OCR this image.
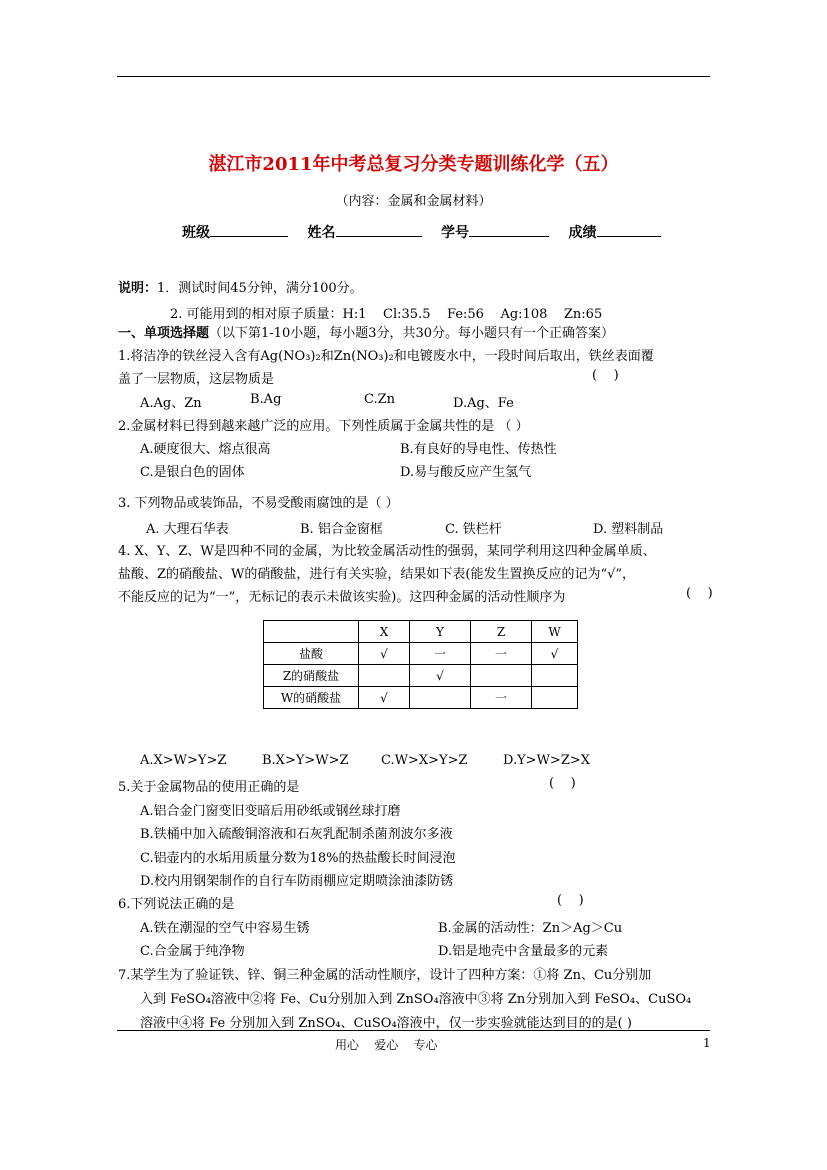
湛江市2011年中考总复习分类专题训练化学（五）
（内容：金属和金属材料）
班级	姓名	学号	成绩
说明：1．测试时间45分钟，满分100分。
2. 可能用到的相对原子质量：H:1    Cl:35.5    Fe:56    Ag:108    Zn:65
一、单项选择题（以下第1-10小题，每小题3分，共30分。每小题只有一个正确答案）
1.将洁净的铁丝浸入含有Ag(NO₃)₂和Zn(NO₃)₂和电镀废水中，一段时间后取出，铁丝表面覆
盖了一层物质，这层物质是	(    )
A.Ag、Zn	B.Ag	C.Zn	D.Ag、Fe
2.金属材料已得到越来越广泛的应用。下列性质属于金属共性的是 （ ）
A.硬度很大、熔点很高	B.有良好的导电性、传热性
C.是银白色的固体	D.易与酸反应产生氢气
3. 下列物品或装饰品，不易受酸雨腐蚀的是（ ）
A. 大理石华表	B. 铝合金窗框	C. 铁栏杆	D. 塑料制品
4. X、Y、Z、W是四种不同的金属，为比较金属活动性的强弱，某同学利用这四种金属单质、
盐酸、Z的硝酸盐、W的硝酸盐，进行有关实验，结果如下表(能发生置换反应的记为“√”，
不能反应的记为“一”，无标记的表示未做该实验)。这四种金属的活动性顺序为	(    )
	X	Y	Z	W
盐酸	√	一	一	√
Z的硝酸盐		√		
W的硝酸盐	√		一	
A.X>W>Y>Z	B.X>Y>W>Z C.W>X>Y>Z	D.Y>W>Z>X
5.关于金属物品的使用正确的是	(    )
A.铝合金门窗变旧变暗后用砂纸或钢丝球打磨
B.铁桶中加入硫酸铜溶液和石灰乳配制杀菌剂波尔多液
C.铝壶内的水垢用质量分数为18%的热盐酸长时间浸泡
D.校内用钢架制作的自行车防雨棚应定期喷涂油漆防锈
6.下列说法正确的是	(    )
A.铁在潮湿的空气中容易生锈	B.金属的活动性：Zn＞Ag＞Cu
C.合金属于纯净物	D.铝是地壳中含量最多的元素
7.某学生为了验证铁、锌、铜三种金属的活动性顺序，设计了四种方案：①将 Zn、Cu分别加
入到 FeSO₄溶液中②将 Fe、Cu分别加入到 ZnSO₄溶液中③将 Zn分别加入到 FeSO₄、CuSO₄
溶液中④将 Fe 分别加入到 ZnSO₄、CuSO₄溶液中，仅一步实验就能达到目的的是( )
用心    爱心    专心	1
